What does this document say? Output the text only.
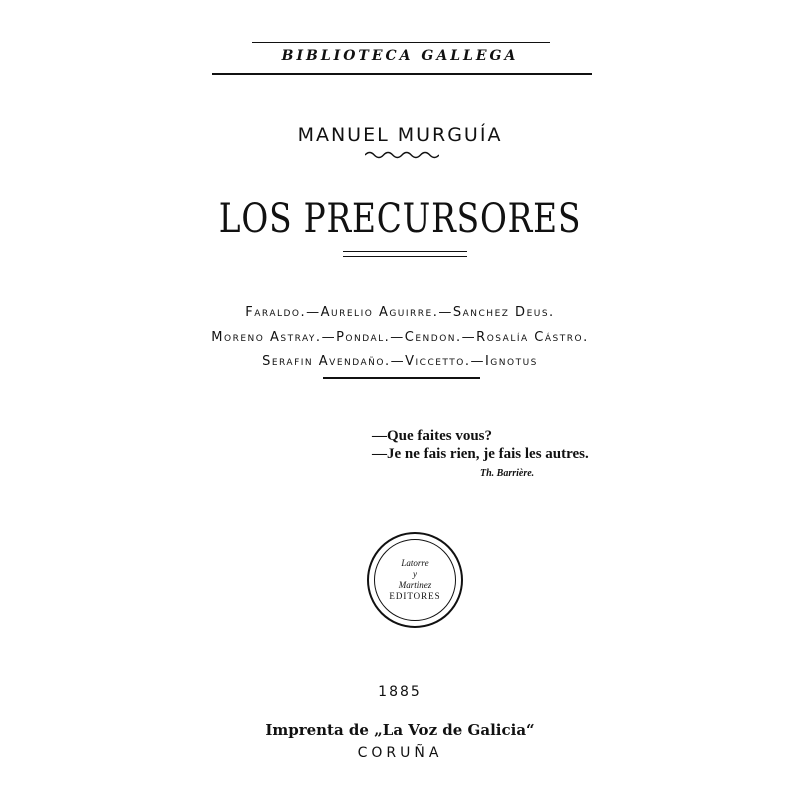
BIBLIOTECA GALLEGA
MANUEL MURGUÍA
LOS PRECURSORES
Faraldo.—Aurelio Aguirre.—Sanchez Deus.
Moreno Astray.—Pondal.—Cendon.—Rosalía Cástro.
Serafin Avendaño.—Viccetto.—Ignotus
—Que faites vous?
—Je ne fais rien, je fais les autres.
Th. Barrière.
Latorre
y
Martinez
EDITORES
1885
Imprenta de „La Voz de Galicia“
CORUÑA
